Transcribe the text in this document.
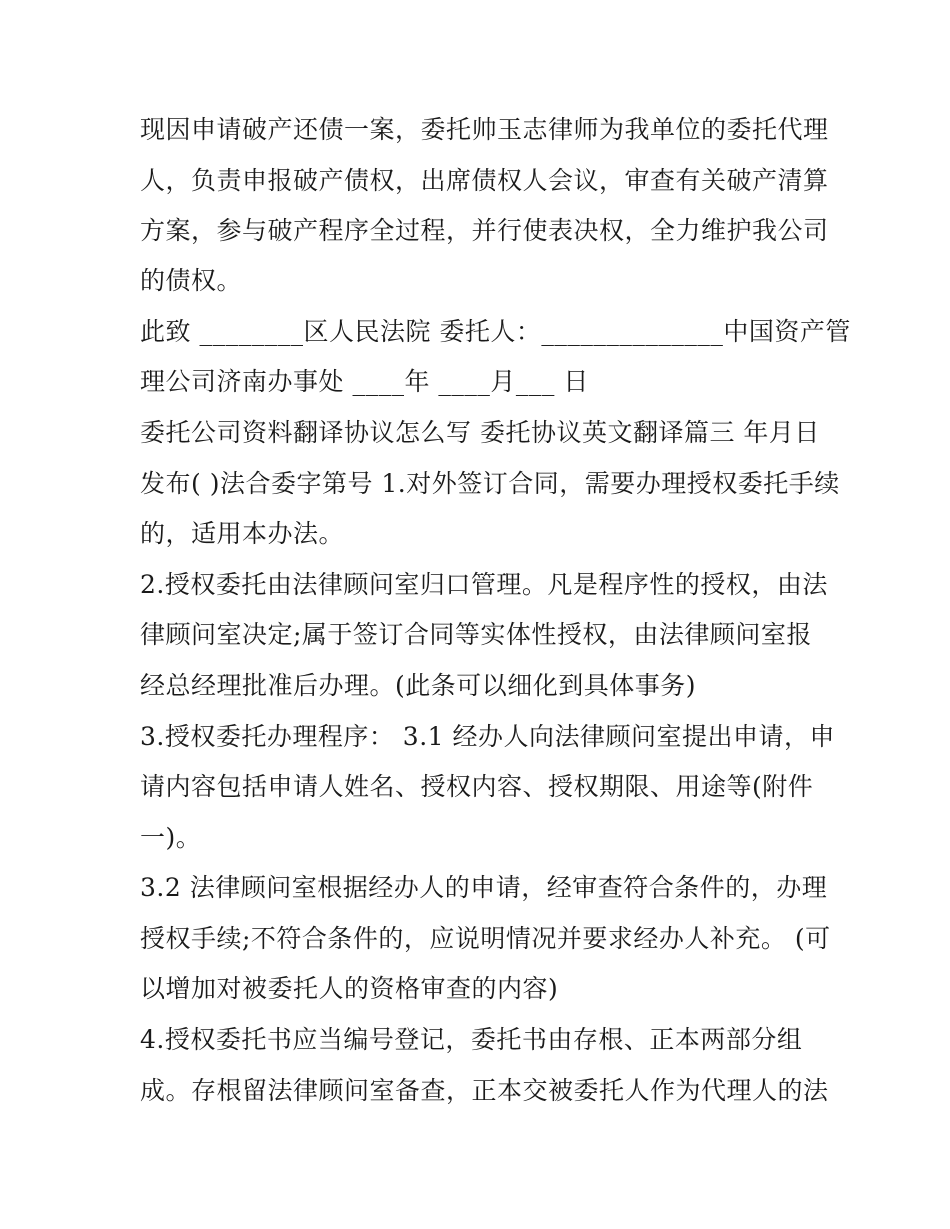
现因申请破产还债一案，委托帅玉志律师为我单位的委托代理

人，负责申报破产债权，出席债权人会议，审查有关破产清算

方案，参与破产程序全过程，并行使表决权，全力维护我公司

的债权。

此致 ________区人民法院 委托人：______________中国资产管

理公司济南办事处 ____年 ____月___ 日

委托公司资料翻译协议怎么写 委托协议英文翻译篇三 年月日

发布( )法合委字第号 1.对外签订合同，需要办理授权委托手续

的，适用本办法。

2.授权委托由法律顾问室归口管理。凡是程序性的授权，由法

律顾问室决定;属于签订合同等实体性授权，由法律顾问室报

经总经理批准后办理。(此条可以细化到具体事务)

3.授权委托办理程序： 3.1 经办人向法律顾问室提出申请，申

请内容包括申请人姓名、授权内容、授权期限、用途等(附件

一)。

3.2 法律顾问室根据经办人的申请，经审查符合条件的，办理

授权手续;不符合条件的，应说明情况并要求经办人补充。 (可

以增加对被委托人的资格审查的内容)

4.授权委托书应当编号登记，委托书由存根、正本两部分组

成。存根留法律顾问室备查，正本交被委托人作为代理人的法
